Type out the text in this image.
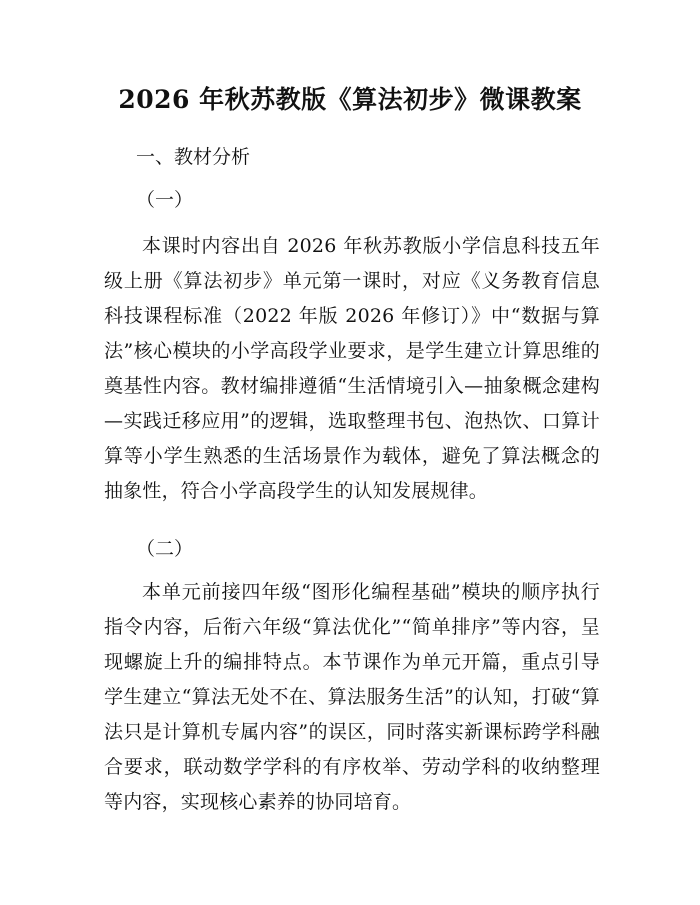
2026 年秋苏教版《算法初步》微课教案
一、教材分析
（一）
本课时内容出自 2026 年秋苏教版小学信息科技五年级上册《算法初步》单元第一课时，对应《义务教育信息科技课程标准（2022 年版 2026 年修订）》中“数据与算法”核心模块的小学高段学业要求，是学生建立计算思维的奠基性内容。教材编排遵循“生活情境引入—抽象概念建构—实践迁移应用”的逻辑，选取整理书包、泡热饮、口算计算等小学生熟悉的生活场景作为载体，避免了算法概念的抽象性，符合小学高段学生的认知发展规律。
（二）
本单元前接四年级“图形化编程基础”模块的顺序执行指令内容，后衔六年级“算法优化”“简单排序”等内容，呈现螺旋上升的编排特点。本节课作为单元开篇，重点引导学生建立“算法无处不在、算法服务生活”的认知，打破“算法只是计算机专属内容”的误区，同时落实新课标跨学科融合要求，联动数学学科的有序枚举、劳动学科的收纳整理等内容，实现核心素养的协同培育。
